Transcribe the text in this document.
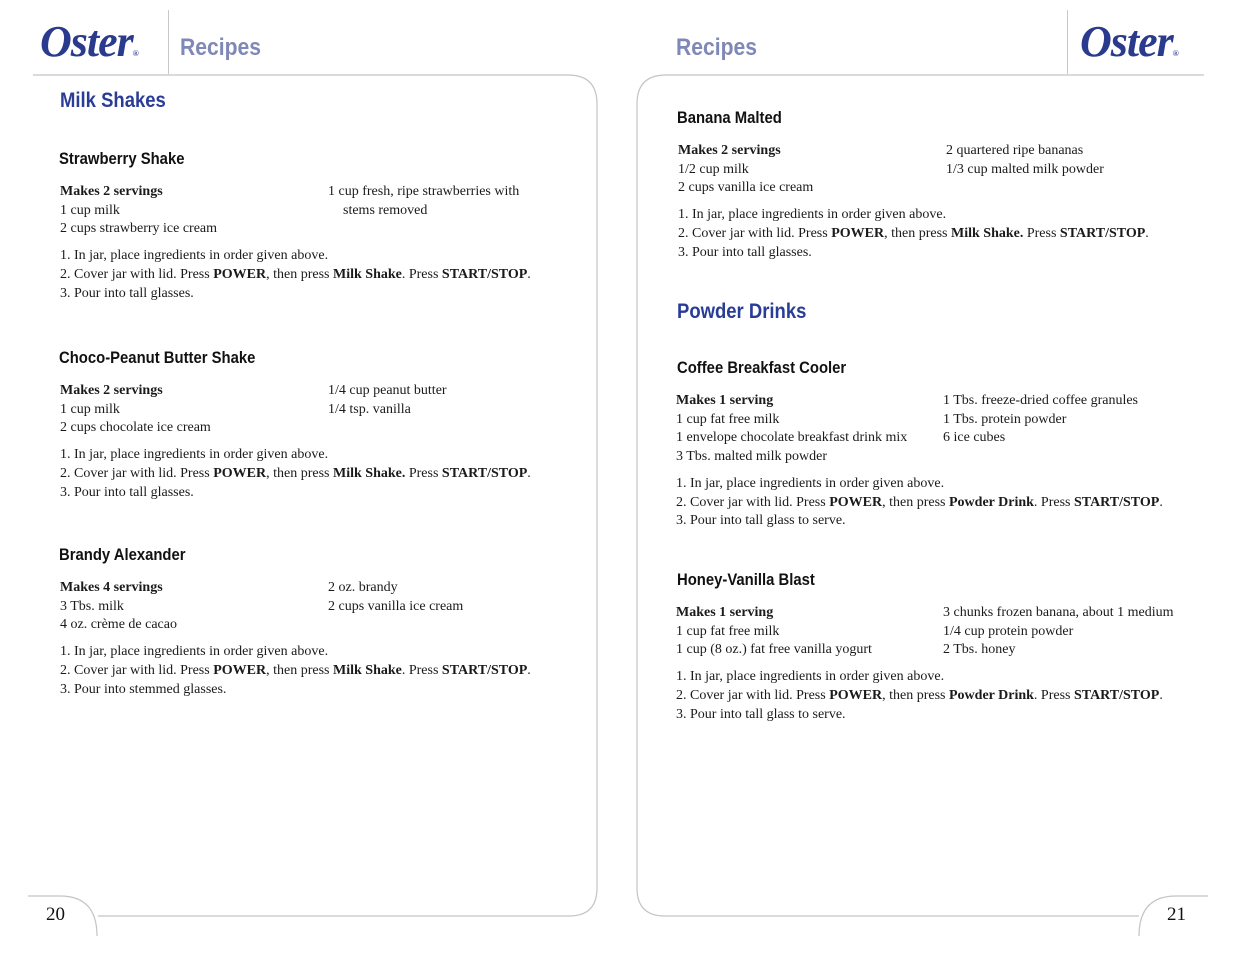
Oster® Recipes
Milk Shakes
Recipes	Oster®
Strawberry Shake
Makes 2 servings
1 cup milk
2 cups strawberry ice cream
1 cup fresh, ripe strawberries with
stems removed
1. In jar, place ingredients in order given above.
2. Cover jar with lid. Press POWER, then press Milk Shake. Press START/STOP.
3. Pour into tall glasses.
Choco-Peanut Butter Shake
Makes 2 servings
1 cup milk
2 cups chocolate ice cream
1/4 cup peanut butter
1/4 tsp. vanilla
1. In jar, place ingredients in order given above.
2. Cover jar with lid. Press POWER, then press Milk Shake. Press START/STOP.
3. Pour into tall glasses.
Brandy Alexander
Makes 4 servings
3 Tbs. milk
4 oz. crème de cacao
2 oz. brandy
2 cups vanilla ice cream
1. In jar, place ingredients in order given above.
2. Cover jar with lid. Press POWER, then press Milk Shake. Press START/STOP.
3. Pour into stemmed glasses.
Banana Malted
Makes 2 servings
1/2 cup milk
2 cups vanilla ice cream
2 quartered ripe bananas
1/3 cup malted milk powder
1. In jar, place ingredients in order given above.
2. Cover jar with lid. Press POWER, then press Milk Shake. Press START/STOP.
3. Pour into tall glasses.
Powder Drinks
Coffee Breakfast Cooler
Makes 1 serving
1 cup fat free milk
1 envelope chocolate breakfast drink mix
3 Tbs. malted milk powder
1 Tbs. freeze-dried coffee granules
1 Tbs. protein powder
6 ice cubes
1. In jar, place ingredients in order given above.
2. Cover jar with lid. Press POWER, then press Powder Drink. Press START/STOP.
3. Pour into tall glass to serve.
Honey-Vanilla Blast
Makes 1 serving
1 cup fat free milk
1 cup (8 oz.) fat free vanilla yogurt
3 chunks frozen banana, about 1 medium
1/4 cup protein powder
2 Tbs. honey
1. In jar, place ingredients in order given above.
2. Cover jar with lid. Press POWER, then press Powder Drink. Press START/STOP.
3. Pour into tall glass to serve.
20	21
